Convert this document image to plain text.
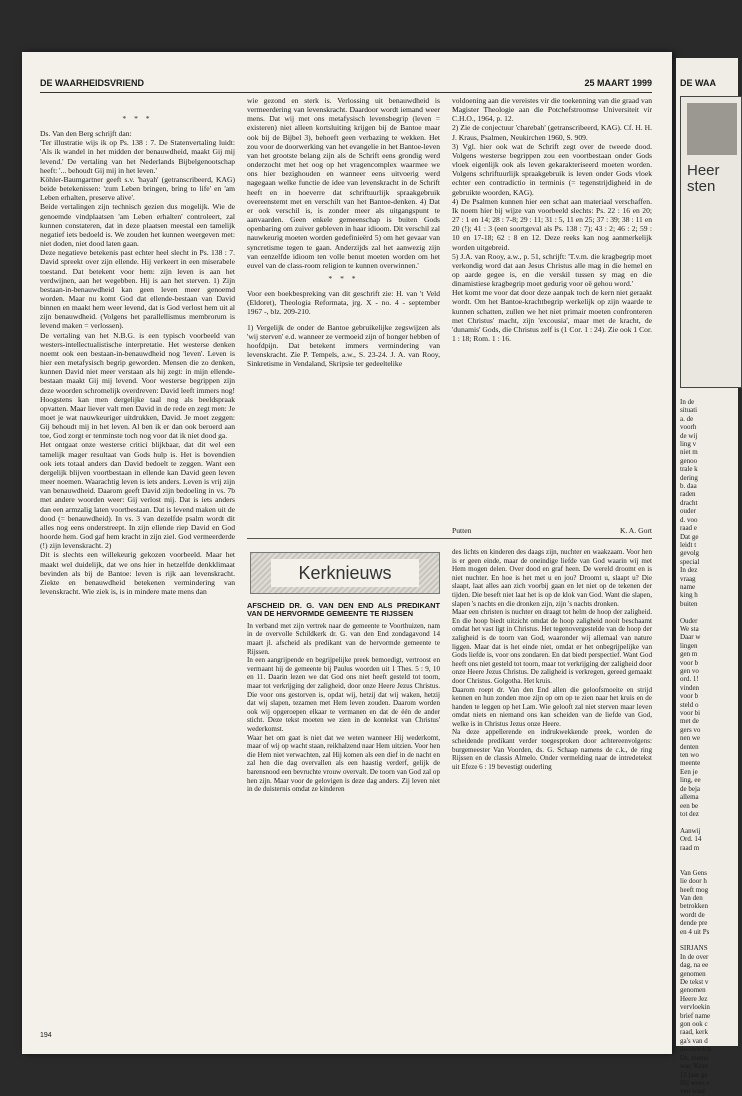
DE WAARHEIDSVRIEND	25 MAART 1999
* * *

Ds. Van den Berg schrijft dan:

'Ter illustratie wijs ik op Ps. 138 : 7. De Statenvertaling luidt: 'Als ik wandel in het midden der benauwdheid, maakt Gij mij levend.' De vertaling van het Nederlands Bijbelgenootschap heeft: '... behoudt Gij mij in het leven.'

Köhler-Baumgartner geeft s.v. 'hayah' (getranscribeerd, KAG) beide betekenissen: 'zum Leben bringen, bring to life' en 'am Leben erhalten, preserve alive'.

Beide vertalingen zijn technisch gezien dus mogelijk. Wie de genoemde vindplaatsen 'am Leben erhalten' controleert, zal kunnen constateren, dat in deze plaatsen meestal een tamelijk negatief iets bedoeld is. We zouden het kunnen weergeven met: niet doden, niet dood laten gaan.

Deze negatieve betekenis past echter heel slecht in Ps. 138 : 7. David spreekt over zijn ellende. Hij verkeert in een miserabele toestand. Dat betekent voor hem: zijn leven is aan het verdwijnen, aan het wegebben. Hij is aan het sterven. 1) Zijn bestaan-in-benauwdheid kan geen leven meer genoemd worden. Maar nu komt God dat ellende-bestaan van David binnen en maakt hem weer levend, dat is God verlost hem uit al zijn benauwdheid. (Volgens het parallellismus membrorum is levend maken = verlossen).

De vertaling van het N.B.G. is een typisch voorbeeld van westers-intellectualistische interpretatie. Het westerse denken noemt ook een bestaan-in-benauwdheid nog 'leven'. Leven is hier een metafysisch begrip geworden. Mensen die zo denken, kunnen David niet meer verstaan als hij zegt: in mijn ellende-bestaan maakt Gij mij levend. Voor westerse begrippen zijn deze woorden schromelijk overdreven: David leeft immers nog! Hoogstens kan men dergelijke taal nog als beeldspraak opvatten. Maar liever valt men David in de rede en zegt men: Je moet je wat nauwkeuriger uitdrukken, David. Je moet zeggen: Gij behoudt mij in het leven. Al ben ik er dan ook beroerd aan toe, God zorgt er tenminste toch nog voor dat ik niet dood ga.

Het ontgaat onze westerse critici blijkbaar, dat dit wel een tamelijk mager resultaat van Gods hulp is. Het is bovendien ook iets totaal anders dan David bedoelt te zeggen. Want een dergelijk blijven voortbestaan in ellende kan David geen leven meer noemen. Waarachtig leven is iets anders. Leven is vrij zijn van benauwdheid. Daarom geeft David zijn bedoeling in vs. 7b met andere woorden weer: Gij verlost mij. Dat is iets anders dan een armzalig laten voortbestaan. Dat is levend maken uit de dood (= benauwdheid). In vs. 3 van dezelfde psalm wordt dit alles nog eens onderstreept. In zijn ellende riep David en God hoorde hem. God gaf hem kracht in zijn ziel. God vermeerderde (!) zijn levenskracht. 2)

Dit is slechts een willekeurig gekozen voorbeeld. Maar het maakt wel duidelijk, dat we ons hier in hetzelfde denkklimaat bevinden als bij de Bantoe: leven is rijk aan levenskracht. Ziekte en benauwdheid betekenen vermindering van levenskracht. Wie ziek is, is in mindere mate mens dan

wie gezond en sterk is. Verlossing uit benauwdheid is vermeerdering van levenskracht. Daardoor wordt iemand weer mens. Dat wij met ons metafysisch levensbegrip (leven = existeren) niet alleen kortsluiting krijgen bij de Bantoe maar ook bij de Bijbel 3), behoeft geen verbazing te wekken. Het zou voor de doorwerking van het evangelie in het Bantoe-leven van het grootste belang zijn als de Schrift eens grondig werd onderzocht met het oog op het vragencomplex waarmee we ons hier bezighouden en wanneer eens uitvoerig werd nagegaan welke functie de idee van levenskracht in de Schrift heeft en in hoeverre dat schriftuurlijk spraakgebruik overeenstemt met en verschilt van het Bantoe-denken. 4) Dat er ook verschil is, is zonder meer als uitgangspunt te aanvaarden. Geen enkele gemeenschap is buiten Gods openbaring om zuiver gebleven in haar idioom. Dit verschil zal nauwkeurig moeten worden gedefinieërd 5) om het gevaar van syncretisme tegen te gaan. Anderzijds zal het aanwezig zijn van eenzelfde idioom ten volle benut moeten worden om het euvel van de class-room religion te kunnen overwinnen.'

* * *

Voor een boekbespreking van dit geschrift zie: H. van 't Veld (Eldoret), Theologia Reformata, jrg. X - no. 4 - september 1967 -, blz. 209-210.

1) Vergelijk de onder de Bantoe gebruikelijke zegswijzen als 'wij sterven' e.d. wanneer ze vermoeid zijn of honger hebben of hoofdpijn. Dat betekent immers vermindering van levenskracht. Zie P. Tempels, a.w., S. 23-24. J. A. van Rooy, Sinkretisme in Vendaland, Skripsie ter gedeeltelike

voldoening aan die vereistes vir die toekenning van die graad van Magister Theologie aan die Potchefstroomse Universiteit vir C.H.O., 1964, p. 12.

2) Zie de conjectuur 'charebah' (getranscribeerd, KAG). Cf. H. H. J. Kraus, Psalmen, Neukirchen 1960, S. 909.

3) Vgl. hier ook wat de Schrift zegt over de tweede dood. Volgens westerse begrippen zou een voortbestaan onder Gods vloek eigenlijk ook als leven gekarakteriseerd moeten worden. Volgens schriftuurlijk spraakgebruik is leven onder Gods vloek echter een contradictio in terminis (= tegenstrijdigheid in de gebruikte woorden, KAG).

4) De Psalmen kunnen hier een schat aan materiaal verschaffen. Ik noem hier bij wijze van voorbeeld slechts: Ps. 22 : 16 en 20; 27 : 1 en 14; 28 : 7-8; 29 : 11; 31 : 5, 11 en 25; 37 : 39; 38 : 11 en 20 (!); 41 : 3 (een soortgeval als Ps. 138 : 7); 43 : 2; 46 : 2; 59 : 10 en 17-18; 62 : 8 en 12. Deze reeks kan nog aanmerkelijk worden uitgebreid.

5) J.A. van Rooy, a.w., p. 51, schrijft: 'T.v.m. die kragbegrip moet verkondig word dat aan Jesus Christus alle mag in die hemel en op aarde gegee is, en die verskil tussen sy mag en die dinamistiese kragbegrip moet gedurig voor oë gehou word.'

Het komt me voor dat door deze aanpak toch de kern niet geraakt wordt. Om het Bantoe-krachtbegrip werkelijk op zijn waarde te kunnen schatten, zullen we het niet primair moeten confronteren met Christus' macht, zijn 'excousia', maar met de kracht, de 'dunamis' Gods, die Christus zelf is (1 Cor. 1 : 24). Zie ook 1 Cor. 1 : 18; Rom. 1 : 16.

Putten	K. A. Gort
Kerknieuws
AFSCHEID DR. G. VAN DEN END ALS PREDIKANT VAN DE HERVORMDE GEMEENTE TE RIJSSEN

In verband met zijn vertrek naar de gemeente te Voorthuizen, nam in de overvolle Schildkerk dr. G. van den End zondagavond 14 maart jl. afscheid als predikant van de hervormde gemeente te Rijssen.

In een aangrijpende en begrijpelijke preek bemoedigt, vertroost en vermaant hij de gemeente bij Paulus woorden uit 1 Thes. 5 : 9, 10 en 11. Daarin lezen we dat God ons niet heeft gesteld tot toorn, maar tot verkrijging der zaligheid, door onze Heere Jezus Christus. Die voor ons gestorven is, opdat wij, hetzij dat wij waken, hetzij dat wij slapen, tezamen met Hem leven zouden. Daarom worden ook wij opgeroepen elkaar te vermanen en dat de één de ander sticht. Deze tekst moeten we zien in de kontekst van Christus' wederkomst.

Waar het om gaat is niet dat we weten wanneer Hij wederkomt, maar of wij op wacht staan, reikhalzend naar Hem uitzien. Voor hen die Hem niet verwachten, zal Hij komen als een dief in de nacht en zal hen die dag overvallen als een haastig verderf, gelijk de barensnood een bevruchte vrouw overvalt. De toorn van God zal op hen zijn. Maar voor de gelovigen is deze dag anders. Zij leven niet in de duisternis omdat ze kinderen

des lichts en kinderen des daags zijn, nuchter en waakzaam. Voor hen is er geen einde, maar de oneindige liefde van God waarin wij met Hem mogen delen. Over dood en graf heen. De wereld droomt en is niet nuchter. En hoe is het met u en jou? Droomt u, slaapt u? Die slaapt, laat alles aan zich voorbij gaan en let niet op de tekenen der tijden. Die beseft niet laat het is op de klok van God. Want die slapen, slapen 's nachts en die dronken zijn, zijn 's nachts dronken.

Maar een christen is nuchter en draagt tot helm de hoop der zaligheid. En die hoop biedt uitzicht omdat de hoop zaligheid nooit beschaamt omdat het vast ligt in Christus. Het tegenovergestelde van de hoop der zaligheid is de toorn van God, waaronder wij allemaal van nature liggen. Maar dat is het einde niet, omdat er het onbegrijpelijke van Gods liefde is, voor ons zondaren. En dat biedt perspectief. Want God heeft ons niet gesteld tot toorn, maar tot verkrijging der zaligheid door onze Heere Jezus Christus. De zaligheid is verkregen, gereed gemaakt door Christus. Golgotha. Het kruis.

Daarom roept dr. Van den End allen die geloofsmoeite en strijd kennen en hun zonden moe zijn op om op te zien naar het kruis en de handen te leggen op het Lam. Wie gelooft zal niet sterven maar leven omdat niets en niemand ons kan scheiden van de liefde van God, welke is in Christus Jezus onze Heere.

Na deze appellerende en indrukwekkende preek, worden de scheidende predikant verder toegesproken door achtereenvolgens: burgemeester Van Voorden, ds. G. Schaap namens de c.k., de ring Rijssen en de classis Almelo. Onder vermelding naar de intredetekst uit Efeze 6 : 19 bevestigt ouderling

194
DE WAA
Heer
sten
In de
situati
a. de
voorh
de wij
ling v
niet m
genoo
trale k
dering
b. daa
raden
dracht
ouder
d. voo
raad e
Dat ge
leidt t
gevolg
special
In dez
vraag
name
king h
buiten

Ouder
We sta
Daar w
lingen
gen m
voor b
gen vo
ord. 1!
vinden
voor b
steld o
voor bi
met de
gers vo
nen we
denten
ten wo
meente
Een je
ling, ee
de beja
allema
een be
tot dez

Aanwij
Ord. 14
raad m

Van Gens
lie door h
heeft mog
Van den
betrokken
wordt de
dende pre
en 4 uit Ps

SIRJANS
In de over
dag, na ee
genomen
De tekst v
genomen
Heere Jez
vervloekin
brief name
gon ook c
raad, kerk
ga's van d
menwerkin
Ds. memo
was 'Kom
15 jaar ge
Hij wees e
ven waar
